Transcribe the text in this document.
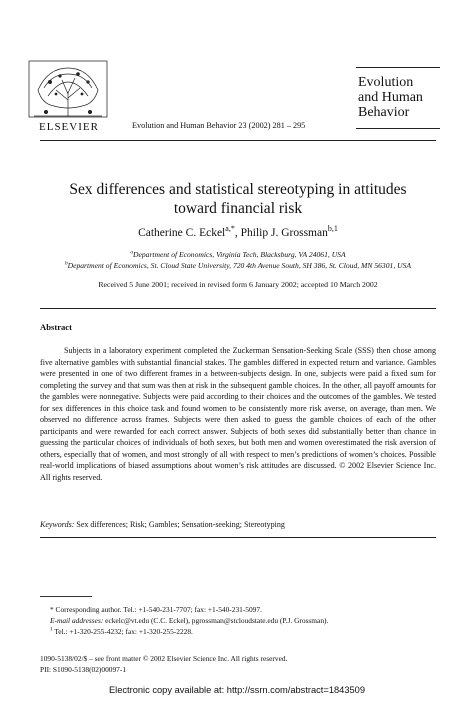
ELSEVIER	Evolution and Human Behavior 23 (2002) 281 – 295
Evolution
and Human
Behavior
Sex differences and statistical stereotyping in attitudes
toward financial risk
Catherine C. Eckel$^{a,*}$, Philip J. Grossman$^{b,1}$
$^a$Department of Economics, Virginia Tech, Blacksburg, VA 24061, USA
$^b$Department of Economics, St. Cloud State University, 720 4th Avenue South, SH 386, St. Cloud, MN 56301, USA
Received 5 June 2001; received in revised form 6 January 2002; accepted 10 March 2002
Abstract
Subjects in a laboratory experiment completed the Zuckerman Sensation-Seeking Scale (SSS) then chose among five alternative gambles with substantial financial stakes. The gambles differed in expected return and variance. Gambles were presented in one of two different frames in a between-subjects design. In one, subjects were paid a fixed sum for completing the survey and that sum was then at risk in the subsequent gamble choices. In the other, all payoff amounts for the gambles were nonnegative. Subjects were paid according to their choices and the outcomes of the gambles. We tested for sex differences in this choice task and found women to be consistently more risk averse, on average, than men. We observed no difference across frames. Subjects were then asked to guess the gamble choices of each of the other participants and were rewarded for each correct answer. Subjects of both sexes did substantially better than chance in guessing the particular choices of individuals of both sexes, but both men and women overestimated the risk aversion of others, especially that of women, and most strongly of all with respect to men’s predictions of women’s choices. Possible real-world implications of biased assumptions about women’s risk attitudes are discussed. © 2002 Elsevier Science Inc. All rights reserved.
Keywords: Sex differences; Risk; Gambles; Sensation-seeking; Stereotyping
* Corresponding author. Tel.: +1-540-231-7707; fax: +1-540-231-5097.
E-mail addresses: eckelc@vt.edu (C.C. Eckel), pgrossman@stcloudstate.edu (P.J. Grossman).
$^1$ Tel.: +1-320-255-4232; fax: +1-320-255-2228.
1090-5138/02/$ – see front matter © 2002 Elsevier Science Inc. All rights reserved.
PII: S1090-5138(02)00097-1
Electronic copy available at: http://ssrn.com/abstract=1843509
